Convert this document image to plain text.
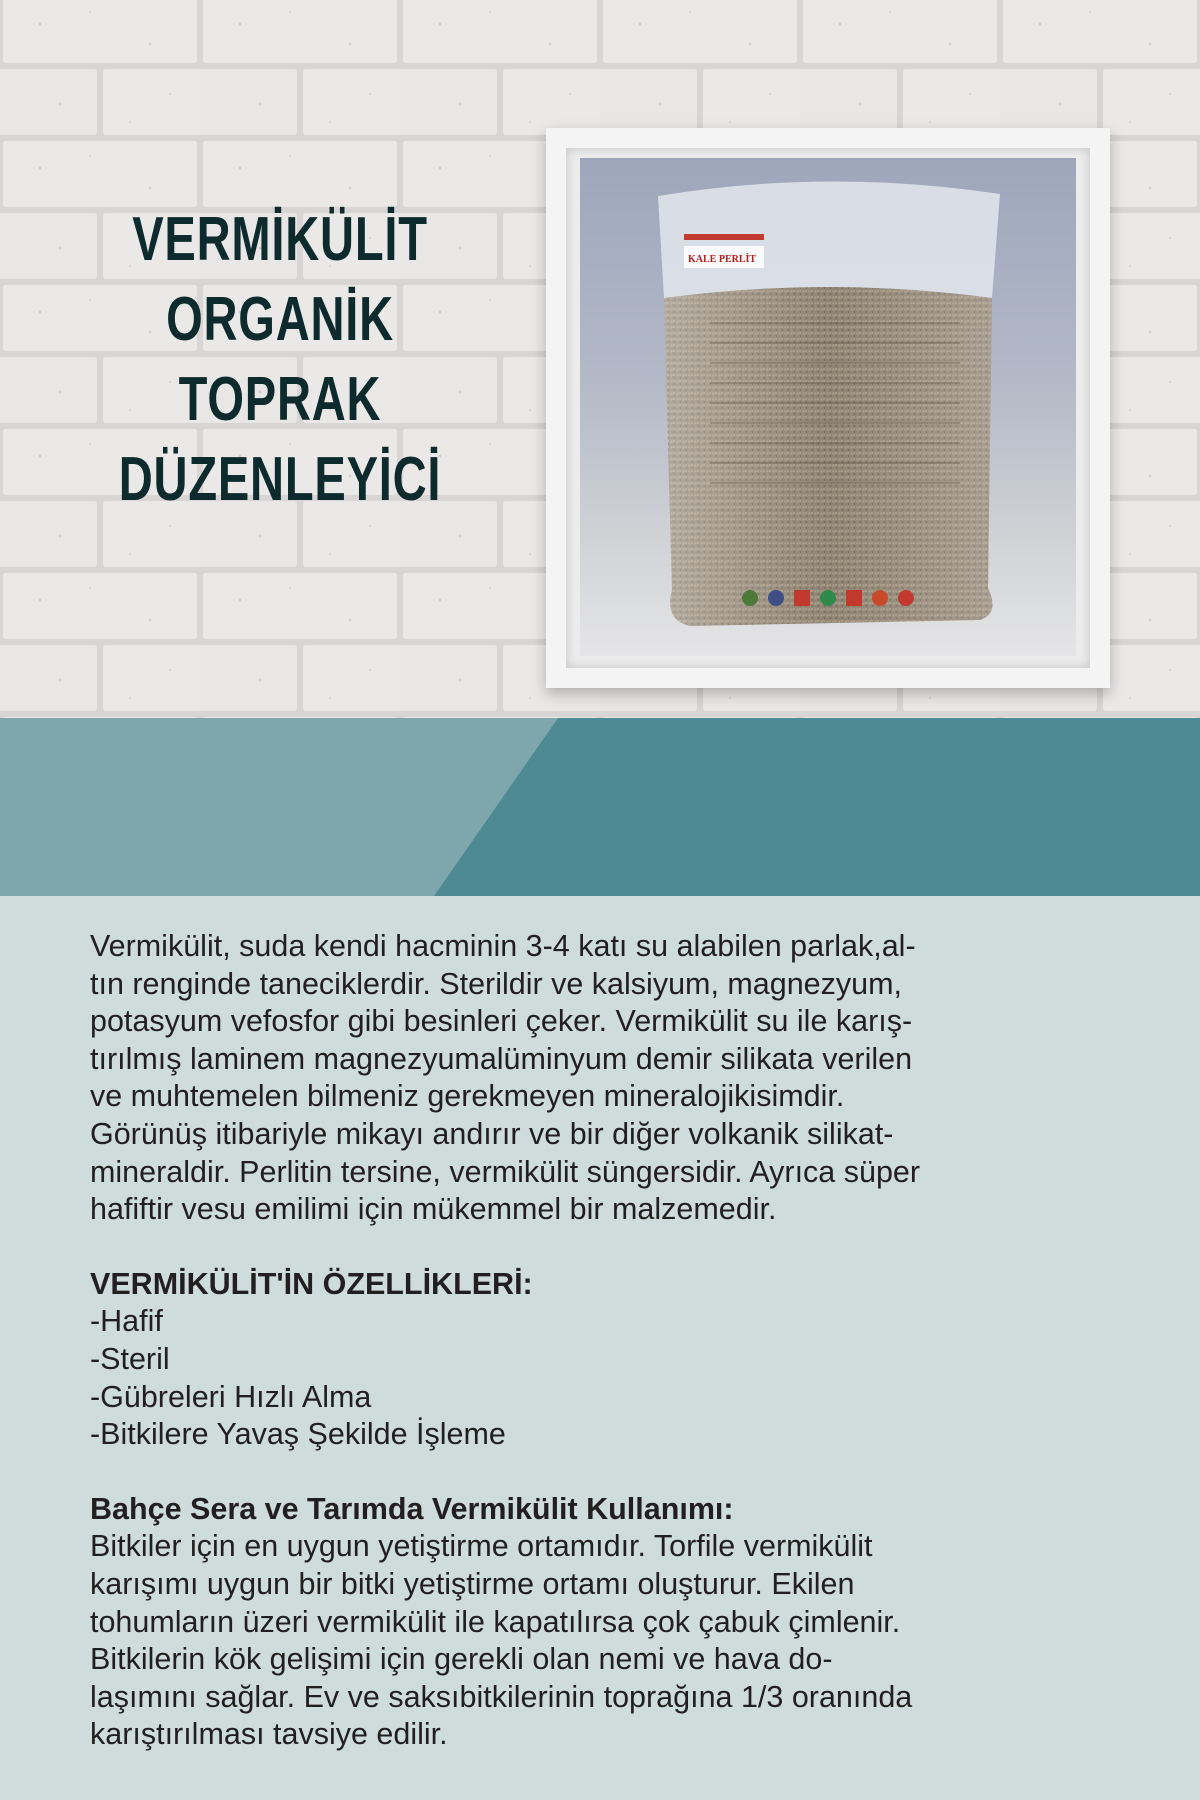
VERMİKÜLİT
ORGANİK
TOPRAK
DÜZENLEYİCİ
KALE PERLİT

Vermikülit, suda kendi hacminin 3-4 katı su alabilen parlak,al-
tın renginde taneciklerdir. Sterildir ve kalsiyum, magnezyum,
potasyum vefosfor gibi besinleri çeker. Vermikülit su ile karış-
tırılmış laminem magnezyumalüminyum demir silikata verilen
ve muhtemelen bilmeniz gerekmeyen mineralojikisimdir.
Görünüş itibariyle mikayı andırır ve bir diğer volkanik silikat-
mineraldir. Perlitin tersine, vermikülit süngersidir. Ayrıca süper
hafiftir vesu emilimi için mükemmel bir malzemedir.

VERMİKÜLİT'İN ÖZELLİKLERİ:
-Hafif
-Steril
-Gübreleri Hızlı Alma
-Bitkilere Yavaş Şekilde İşleme

Bahçe Sera ve Tarımda Vermikülit Kullanımı:
Bitkiler için en uygun yetiştirme ortamıdır. Torfile vermikülit
karışımı uygun bir bitki yetiştirme ortamı oluşturur. Ekilen
tohumların üzeri vermikülit ile kapatılırsa çok çabuk çimlenir.
Bitkilerin kök gelişimi için gerekli olan nemi ve hava do-
laşımını sağlar. Ev ve saksıbitkilerinin toprağına 1/3 oranında
karıştırılması tavsiye edilir.
